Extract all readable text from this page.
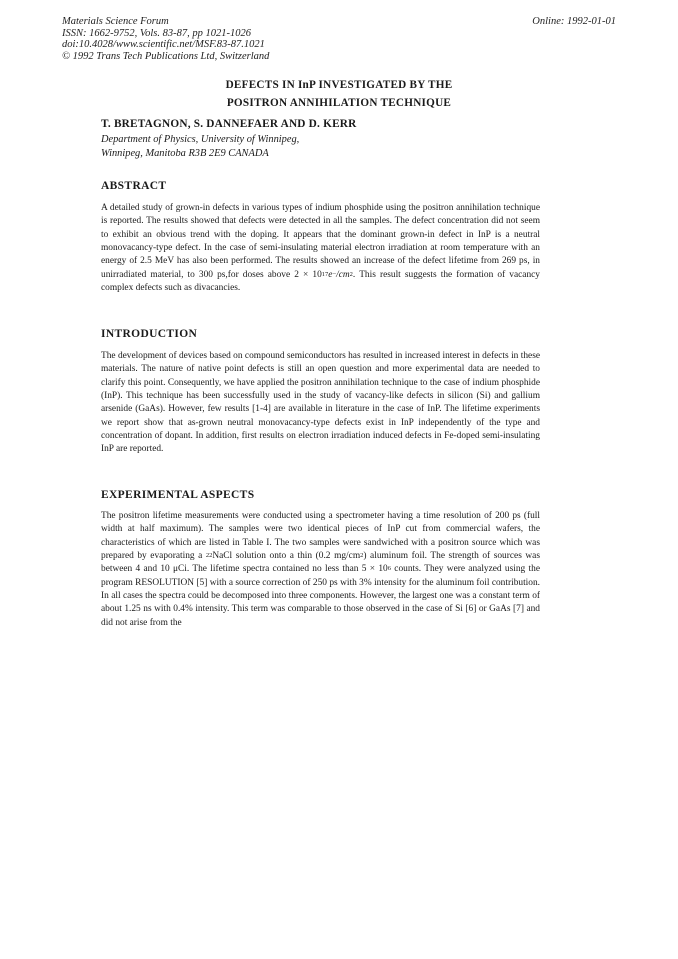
Materials Science Forum
ISSN: 1662-9752, Vols. 83-87, pp 1021-1026
doi:10.4028/www.scientific.net/MSF.83-87.1021
© 1992 Trans Tech Publications Ltd, Switzerland
Online: 1992-01-01
DEFECTS IN InP INVESTIGATED BY THE
POSITRON ANNIHILATION TECHNIQUE
T. BRETAGNON, S. DANNEFAER AND D. KERR
Department of Physics, University of Winnipeg,
Winnipeg, Manitoba R3B 2E9 CANADA
ABSTRACT

A detailed study of grown-in defects in various types of indium phosphide using the positron annihilation technique is reported. The results showed that defects were detected in all the samples. The defect concentration did not seem to exhibit an obvious trend with the doping. It appears that the dominant grown-in defect in InP is a neutral monovacancy-type defect. In the case of semi-insulating material electron irradiation at room temperature with an energy of 2.5 MeV has also been performed. The results showed an increase of the defect lifetime from 269 ps, in unirradiated material, to 300 ps,for doses above $2 \times 10^{17}e^-/cm^2$. This result suggests the formation of vacancy complex defects such as divacancies.

INTRODUCTION

The development of devices based on compound semiconductors has resulted in increased interest in defects in these materials. The nature of native point defects is still an open question and more experimental data are needed to clarify this point. Consequently, we have applied the positron annihilation technique to the case of indium phosphide (InP). This technique has been successfully used in the study of vacancy-like defects in silicon (Si) and gallium arsenide (GaAs). However, few results [1-4] are available in literature in the case of InP. The lifetime experiments we report show that as-grown neutral monovacancy-type defects exist in InP independently of the type and concentration of dopant. In addition, first results on electron irradiation induced defects in Fe-doped semi-insulating InP are reported.

EXPERIMENTAL ASPECTS

The positron lifetime measurements were conducted using a spectrometer having a time resolution of 200 ps (full width at half maximum). The samples were two identical pieces of InP cut from commercial wafers, the characteristics of which are listed in Table I. The two samples were sandwiched with a positron source which was prepared by evaporating a $^{22}$NaCl solution onto a thin (0.2 $mg/cm^2$) aluminum foil. The strength of sources was between 4 and 10 μCi. The lifetime spectra contained no less than $5 \times 10^6$ counts. They were analyzed using the program RESOLUTION [5] with a source correction of 250 ps with 3% intensity for the aluminum foil contribution. In all cases the spectra could be decomposed into three components. However, the largest one was a constant term of about 1.25 ns with 0.4% intensity. This term was comparable to those observed in the case of Si [6] or GaAs [7] and did not arise from the
